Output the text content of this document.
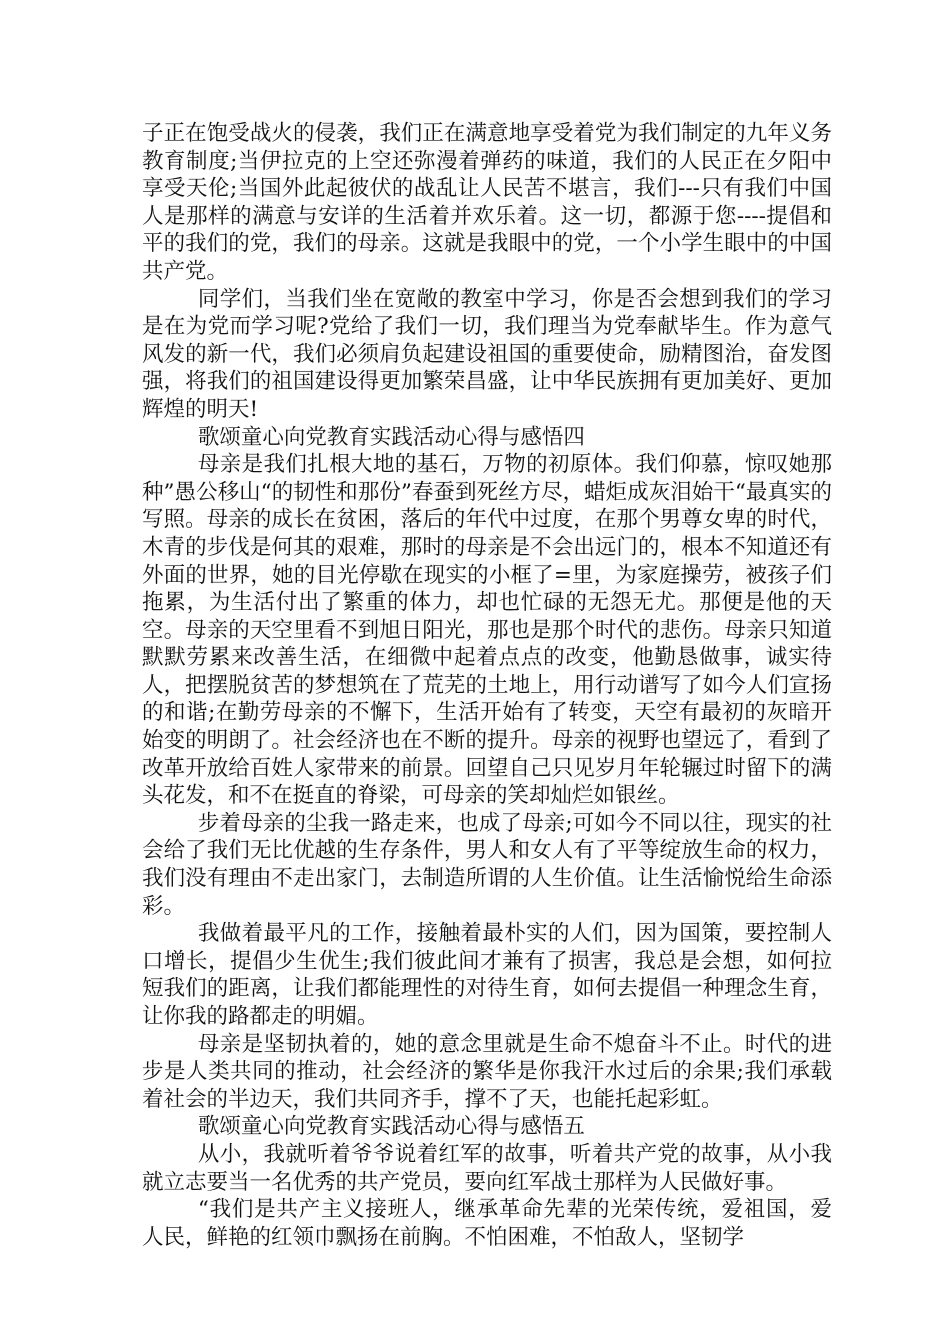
子正在饱受战火的侵袭，我们正在满意地享受着党为我们制定的九年义务教育制度;当伊拉克的上空还弥漫着弹药的味道，我们的人民正在夕阳中享受天伦;当国外此起彼伏的战乱让人民苦不堪言，我们---只有我们中国人是那样的满意与安详的生活着并欢乐着。这一切，都源于您----提倡和平的我们的党，我们的母亲。这就是我眼中的党，一个小学生眼中的中国共产党。

同学们，当我们坐在宽敞的教室中学习，你是否会想到我们的学习是在为党而学习呢?党给了我们一切，我们理当为党奉献毕生。作为意气风发的新一代，我们必须肩负起建设祖国的重要使命，励精图治，奋发图强，将我们的祖国建设得更加繁荣昌盛，让中华民族拥有更加美好、更加辉煌的明天!

歌颂童心向党教育实践活动心得与感悟四

母亲是我们扎根大地的基石，万物的初原体。我们仰慕，惊叹她那种”愚公移山“的韧性和那份”春蚕到死丝方尽，蜡炬成灰泪始干“最真实的写照。母亲的成长在贫困，落后的年代中过度，在那个男尊女卑的时代，木青的步伐是何其的艰难，那时的母亲是不会出远门的，根本不知道还有外面的世界，她的目光停歇在现实的小框了=里，为家庭操劳，被孩子们拖累，为生活付出了繁重的体力，却也忙碌的无怨无尤。那便是他的天空。母亲的天空里看不到旭日阳光，那也是那个时代的悲伤。母亲只知道默默劳累来改善生活，在细微中起着点点的改变，他勤恳做事，诚实待人，把摆脱贫苦的梦想筑在了荒芜的土地上，用行动谱写了如今人们宣扬的和谐;在勤劳母亲的不懈下，生活开始有了转变，天空有最初的灰暗开始变的明朗了。社会经济也在不断的提升。母亲的视野也望远了，看到了改革开放给百姓人家带来的前景。回望自己只见岁月年轮辗过时留下的满头花发，和不在挺直的脊梁，可母亲的笑却灿烂如银丝。

步着母亲的尘我一路走来，也成了母亲;可如今不同以往，现实的社会给了我们无比优越的生存条件，男人和女人有了平等绽放生命的权力，我们没有理由不走出家门，去制造所谓的人生价值。让生活愉悦给生命添彩。

我做着最平凡的工作，接触着最朴实的人们，因为国策，要控制人口增长，提倡少生优生;我们彼此间才兼有了损害，我总是会想，如何拉短我们的距离，让我们都能理性的对待生育，如何去提倡一种理念生育，让你我的路都走的明媚。

母亲是坚韧执着的，她的意念里就是生命不熄奋斗不止。时代的进步是人类共同的推动，社会经济的繁华是你我汗水过后的余果;我们承载着社会的半边天，我们共同齐手，撑不了天，也能托起彩虹。

歌颂童心向党教育实践活动心得与感悟五

从小，我就听着爷爷说着红军的故事，听着共产党的故事，从小我就立志要当一名优秀的共产党员，要向红军战士那样为人民做好事。

“我们是共产主义接班人，继承革命先辈的光荣传统，爱祖国，爱人民，鲜艳的红领巾飘扬在前胸。不怕困难，不怕敌人，坚韧学
